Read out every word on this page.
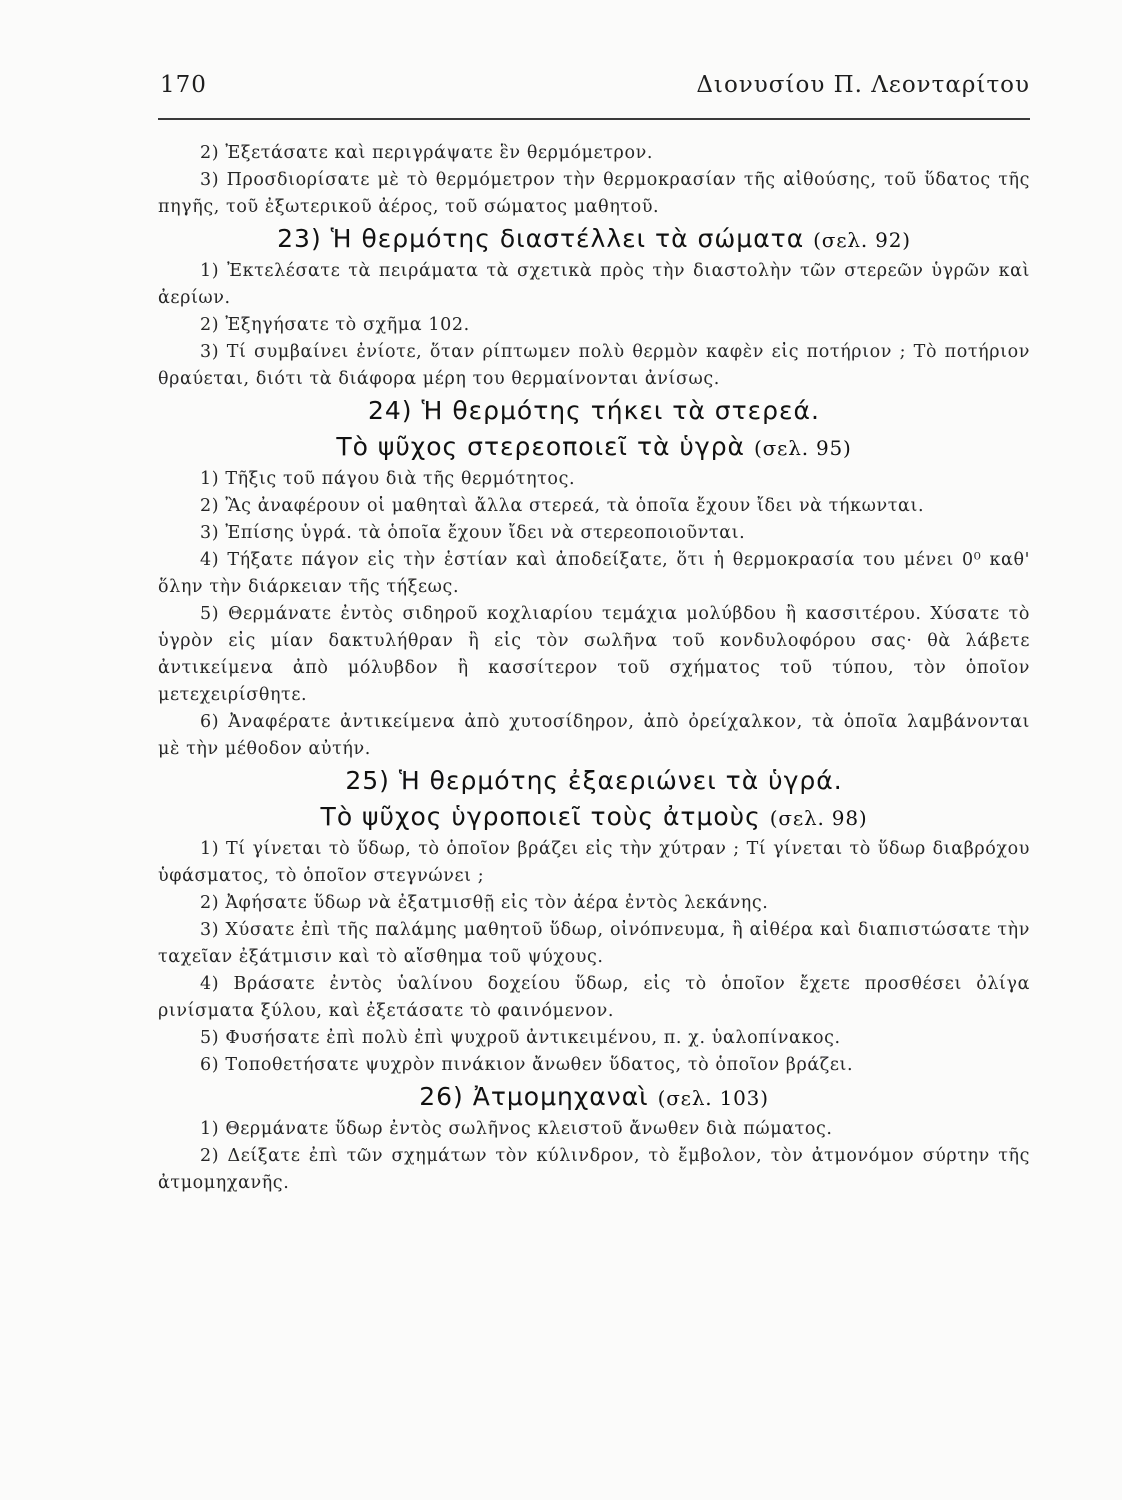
170	Διονυσίου Π. Λεονταρίτου

2) Ἐξετάσατε καὶ περιγράψατε ἓν θερμόμετρον.

3) Προσδιορίσατε μὲ τὸ θερμόμετρον τὴν θερμοκρασίαν τῆς αἰθούσης, τοῦ ὕδατος τῆς πηγῆς, τοῦ ἐξωτερικοῦ ἀέρος, τοῦ σώματος μαθητοῦ.

23) Ἡ θερμότης διαστέλλει τὰ σώματα (σελ. 92)

1) Ἐκτελέσατε τὰ πειράματα τὰ σχετικὰ πρὸς τὴν διαστολὴν τῶν στερεῶν ὑγρῶν καὶ ἀερίων.

2) Ἐξηγήσατε τὸ σχῆμα 102.

3) Τί συμβαίνει ἐνίοτε, ὅταν ρίπτωμεν πολὺ θερμὸν καφὲν εἰς ποτήριον ; Τὸ ποτήριον θραύεται, διότι τὰ διάφορα μέρη του θερμαίνονται ἀνίσως.

24) Ἡ θερμότης τήκει τὰ στερεά.
Τὸ ψῦχος στερεοποιεῖ τὰ ὑγρὰ (σελ. 95)

1) Τῆξις τοῦ πάγου διὰ τῆς θερμότητος.

2) Ἂς ἀναφέρουν οἱ μαθηταὶ ἄλλα στερεά, τὰ ὁποῖα ἔχουν ἴδει νὰ τήκωνται.

3) Ἐπίσης ὑγρά. τὰ ὁποῖα ἔχουν ἴδει νὰ στερεοποιοῦνται.

4) Τήξατε πάγον εἰς τὴν ἑστίαν καὶ ἀποδείξατε, ὅτι ἡ θερμοκρασία του μένει 0⁰ καθ' ὅλην τὴν διάρκειαν τῆς τήξεως.

5) Θερμάνατε ἐντὸς σιδηροῦ κοχλιαρίου τεμάχια μολύβδου ἢ κασσιτέρου. Χύσατε τὸ ὑγρὸν εἰς μίαν δακτυλήθραν ἢ εἰς τὸν σωλῆνα τοῦ κονδυλοφόρου σας· θὰ λάβετε ἀντικείμενα ἀπὸ μόλυβδον ἢ κασσίτερον τοῦ σχήματος τοῦ τύπου, τὸν ὁποῖον μετεχειρίσθητε.

6) Ἀναφέρατε ἀντικείμενα ἀπὸ χυτοσίδηρον, ἀπὸ ὀρείχαλκον, τὰ ὁποῖα λαμβάνονται μὲ τὴν μέθοδον αὐτήν.

25) Ἡ θερμότης ἐξαεριώνει τὰ ὑγρά.
Τὸ ψῦχος ὑγροποιεῖ τοὺς ἀτμοὺς (σελ. 98)

1) Τί γίνεται τὸ ὕδωρ, τὸ ὁποῖον βράζει εἰς τὴν χύτραν ; Τί γίνεται τὸ ὕδωρ διαβρόχου ὑφάσματος, τὸ ὁποῖον στεγνώνει ;

2) Ἀφήσατε ὕδωρ νὰ ἐξατμισθῇ εἰς τὸν ἀέρα ἐντὸς λεκάνης.

3) Χύσατε ἐπὶ τῆς παλάμης μαθητοῦ ὕδωρ, οἰνόπνευμα, ἢ αἰθέρα καὶ διαπιστώσατε τὴν ταχεῖαν ἐξάτμισιν καὶ τὸ αἴσθημα τοῦ ψύχους.

4) Βράσατε ἐντὸς ὑαλίνου δοχείου ὕδωρ, εἰς τὸ ὁποῖον ἔχετε προσθέσει ὀλίγα ρινίσματα ξύλου, καὶ ἐξετάσατε τὸ φαινόμενον.

5) Φυσήσατε ἐπὶ πολὺ ἐπὶ ψυχροῦ ἀντικειμένου, π. χ. ὑαλοπίνακος.

6) Τοποθετήσατε ψυχρὸν πινάκιον ἄνωθεν ὕδατος, τὸ ὁποῖον βράζει.

26) Ἀτμομηχαναὶ (σελ. 103)

1) Θερμάνατε ὕδωρ ἐντὸς σωλῆνος κλειστοῦ ἄνωθεν διὰ πώματος.

2) Δείξατε ἐπὶ τῶν σχημάτων τὸν κύλινδρον, τὸ ἔμβολον, τὸν ἀτμονόμον σύρτην τῆς ἀτμομηχανῆς.
